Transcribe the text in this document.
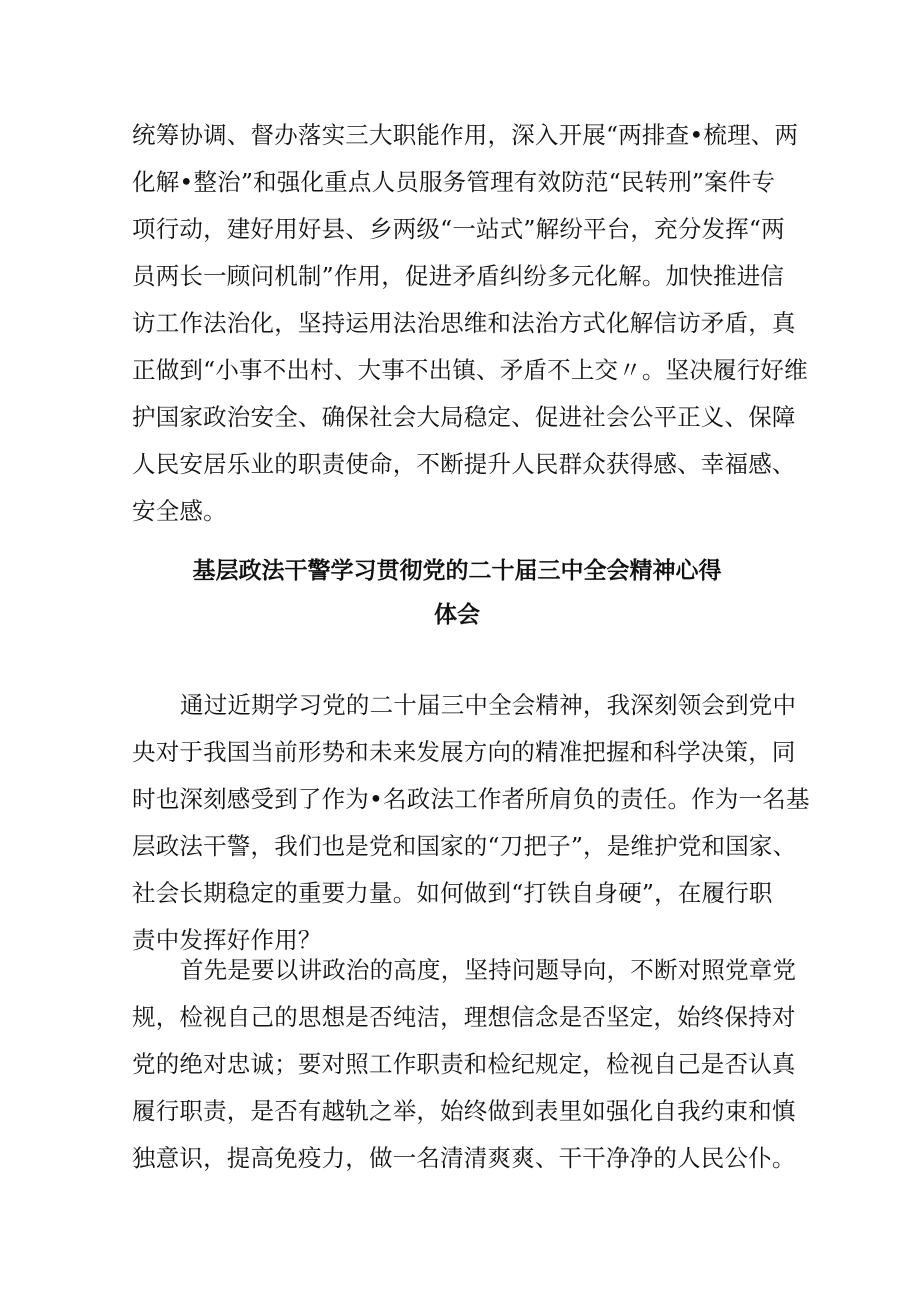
统筹协调、督办落实三大职能作用，深入开展“两排查•梳理、两
化解•整治”和强化重点人员服务管理有效防范“民转刑”案件专
项行动，建好用好县、乡两级“一站式”解纷平台，充分发挥“两
员两长一顾问机制”作用，促进矛盾纠纷多元化解。加快推进信
访工作法治化，坚持运用法治思维和法治方式化解信访矛盾，真
正做到“小事不出村、大事不出镇、矛盾不上交〃。坚决履行好维
护国家政治安全、确保社会大局稳定、促进社会公平正义、保障
人民安居乐业的职责使命，不断提升人民群众获得感、幸福感、
安全感。
基层政法干警学习贯彻党的二十届三中全会精神心得
体会
通过近期学习党的二十届三中全会精神，我深刻领会到党中
央对于我国当前形势和未来发展方向的精准把握和科学决策，同
时也深刻感受到了作为•名政法工作者所肩负的责任。作为一名基
层政法干警，我们也是党和国家的“刀把子”，是维护党和国家、
社会长期稳定的重要力量。如何做到“打铁自身硬”，在履行职
责中发挥好作用？
首先是要以讲政治的高度，坚持问题导向，不断对照党章党
规，检视自己的思想是否纯洁，理想信念是否坚定，始终保持对
党的绝对忠诚；要对照工作职责和检纪规定，检视自己是否认真
履行职责，是否有越轨之举，始终做到表里如强化自我约束和慎
独意识，提高免疫力，做一名清清爽爽、干干净净的人民公仆。
